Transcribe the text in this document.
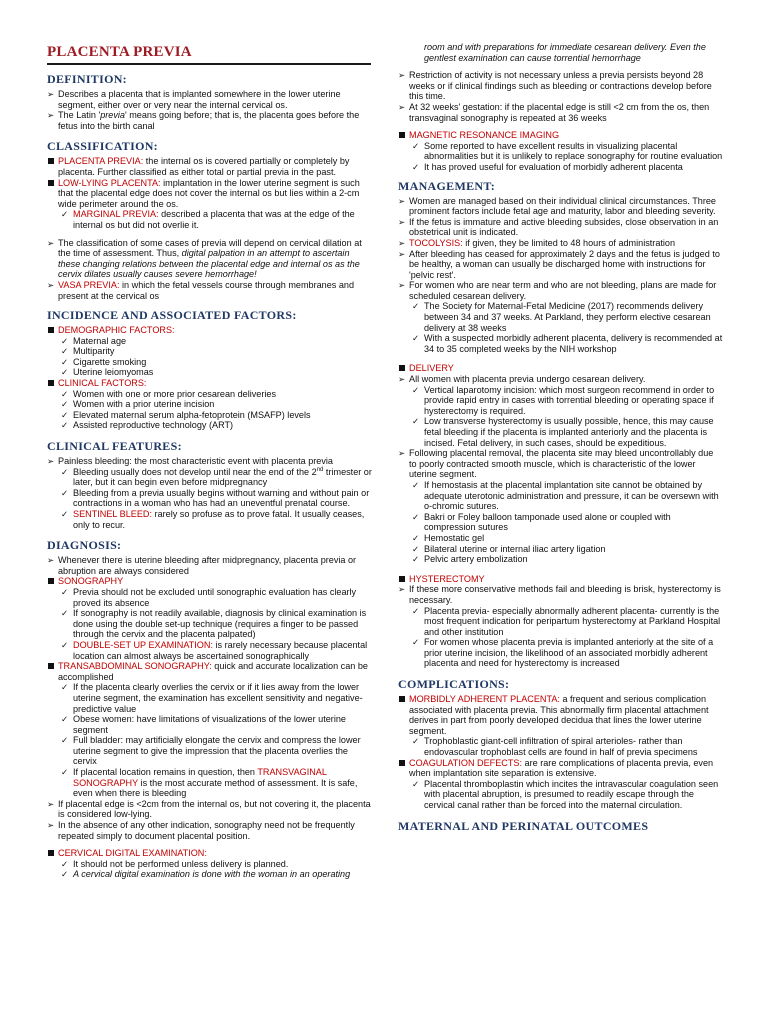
PLACENTA PREVIA
DEFINITION:
➢ Describes a placenta that is implanted somewhere in the lower uterine segment, either over or very near the internal cervical os.
➢ The Latin 'previa' means going before; that is, the placenta goes before the fetus into the birth canal
CLASSIFICATION:
PLACENTA PREVIA: the internal os is covered partially or completely by placenta. Further classified as either total or partial previa in the past.
LOW-LYING PLACENTA: implantation in the lower uterine segment is such that the placental edge does not cover the internal os but lies within a 2-cm wide perimeter around the os.
✓ MARGINAL PREVIA: described a placenta that was at the edge of the internal os but did not overlie it.
➢ The classification of some cases of previa will depend on cervical dilation at the time of assessment. Thus, digital palpation in an attempt to ascertain these changing relations between the placental edge and internal os as the cervix dilates usually causes severe hemorrhage!
➢ VASA PREVIA: in which the fetal vessels course through membranes and present at the cervical os
INCIDENCE AND ASSOCIATED FACTORS:
DEMOGRAPHIC FACTORS:
✓ Maternal age
✓ Multiparity
✓ Cigarette smoking
✓ Uterine leiomyomas
CLINICAL FACTORS:
✓ Women with one or more prior cesarean deliveries
✓ Women with a prior uterine incision
✓ Elevated maternal serum alpha-fetoprotein (MSAFP) levels
✓ Assisted reproductive technology (ART)
CLINICAL FEATURES:
➢ Painless bleeding: the most characteristic event with placenta previa
✓ Bleeding usually does not develop until near the end of the 2nd trimester or later, but it can begin even before midpregnancy
✓ Bleeding from a previa usually begins without warning and without pain or contractions in a woman who has had an uneventful prenatal course.
✓ SENTINEL BLEED: rarely so profuse as to prove fatal. It usually ceases, only to recur.
DIAGNOSIS:
➢ Whenever there is uterine bleeding after midpregnancy, placenta previa or abruption are always considered
SONOGRAPHY
✓ Previa should not be excluded until sonographic evaluation has clearly proved its absence
✓ If sonography is not readily available, diagnosis by clinical examination is done using the double set-up technique (requires a finger to be passed through the cervix and the placenta palpated)
✓ DOUBLE-SET UP EXAMINATION: is rarely necessary because placental location can almost always be ascertained sonographically
TRANSABDOMINAL SONOGRAPHY: quick and accurate localization can be accomplished
✓ If the placenta clearly overlies the cervix or if it lies away from the lower uterine segment, the examination has excellent sensitivity and negative-predictive value
✓ Obese women: have limitations of visualizations of the lower uterine segment
✓ Full bladder: may artificially elongate the cervix and compress the lower uterine segment to give the impression that the placenta overlies the cervix
✓ If placental location remains in question, then TRANSVAGINAL SONOGRAPHY is the most accurate method of assessment. It is safe, even when there is bleeding
➢ If placental edge is <2cm from the internal os, but not covering it, the placenta is considered low-lying.
➢ In the absence of any other indication, sonography need not be frequently repeated simply to document placental position.
CERVICAL DIGITAL EXAMINATION:
✓ It should not be performed unless delivery is planned.
✓ A cervical digital examination is done with the woman in an operating
room and with preparations for immediate cesarean delivery. Even the gentlest examination can cause torrential hemorrhage
➢ Restriction of activity is not necessary unless a previa persists beyond 28 weeks or if clinical findings such as bleeding or contractions develop before this time.
➢ At 32 weeks' gestation: if the placental edge is still <2 cm from the os, then transvaginal sonography is repeated at 36 weeks
MAGNETIC RESONANCE IMAGING
✓ Some reported to have excellent results in visualizing placental abnormalities but it is unlikely to replace sonography for routine evaluation
✓ It has proved useful for evaluation of morbidly adherent placenta
MANAGEMENT:
➢ Women are managed based on their individual clinical circumstances. Three prominent factors include fetal age and maturity, labor and bleeding severity.
➢ If the fetus is immature and active bleeding subsides, close observation in an obstetrical unit is indicated.
➢ TOCOLYSIS: if given, they be limited to 48 hours of administration
➢ After bleeding has ceased for approximately 2 days and the fetus is judged to be healthy, a woman can usually be discharged home with instructions for 'pelvic rest'.
➢ For women who are near term and who are not bleeding, plans are made for scheduled cesarean delivery.
✓ The Society for Maternal-Fetal Medicine (2017) recommends delivery between 34 and 37 weeks. At Parkland, they perform elective cesarean delivery at 38 weeks
✓ With a suspected morbidly adherent placenta, delivery is recommended at 34 to 35 completed weeks by the NIH workshop
DELIVERY
➢ All women with placenta previa undergo cesarean delivery.
✓ Vertical laparotomy incision: which most surgeon recommend in order to provide rapid entry in cases with torrential bleeding or operating space if hysterectomy is required.
✓ Low transverse hysterectomy is usually possible, hence, this may cause fetal bleeding if the placenta is implanted anteriorly and the placenta is incised. Fetal delivery, in such cases, should be expeditious.
➢ Following placental removal, the placenta site may bleed uncontrollably due to poorly contracted smooth muscle, which is characteristic of the lower uterine segment.
✓ If hemostasis at the placental implantation site cannot be obtained by adequate uterotonic administration and pressure, it can be oversewn with o-chromic sutures.
✓ Bakri or Foley balloon tamponade used alone or coupled with compression sutures
✓ Hemostatic gel
✓ Bilateral uterine or internal iliac artery ligation
✓ Pelvic artery embolization
HYSTERECTOMY
➢ If these more conservative methods fail and bleeding is brisk, hysterectomy is necessary.
✓ Placenta previa- especially abnormally adherent placenta- currently is the most frequent indication for peripartum hysterectomy at Parkland Hospital and other institution
✓ For women whose placenta previa is implanted anteriorly at the site of a prior uterine incision, the likelihood of an associated morbidly adherent placenta and need for hysterectomy is increased
COMPLICATIONS:
MORBIDLY ADHERENT PLACENTA: a frequent and serious complication associated with placenta previa. This abnormally firm placental attachment derives in part from poorly developed decidua that lines the lower uterine segment.
✓ Trophoblastic giant-cell infiltration of spiral arterioles- rather than endovascular trophoblast cells are found in half of previa specimens
COAGULATION DEFECTS: are rare complications of placenta previa, even when implantation site separation is extensive.
✓ Placental thromboplastin which incites the intravascular coagulation seen with placental abruption, is presumed to readily escape through the cervical canal rather than be forced into the maternal circulation.
MATERNAL AND PERINATAL OUTCOMES
